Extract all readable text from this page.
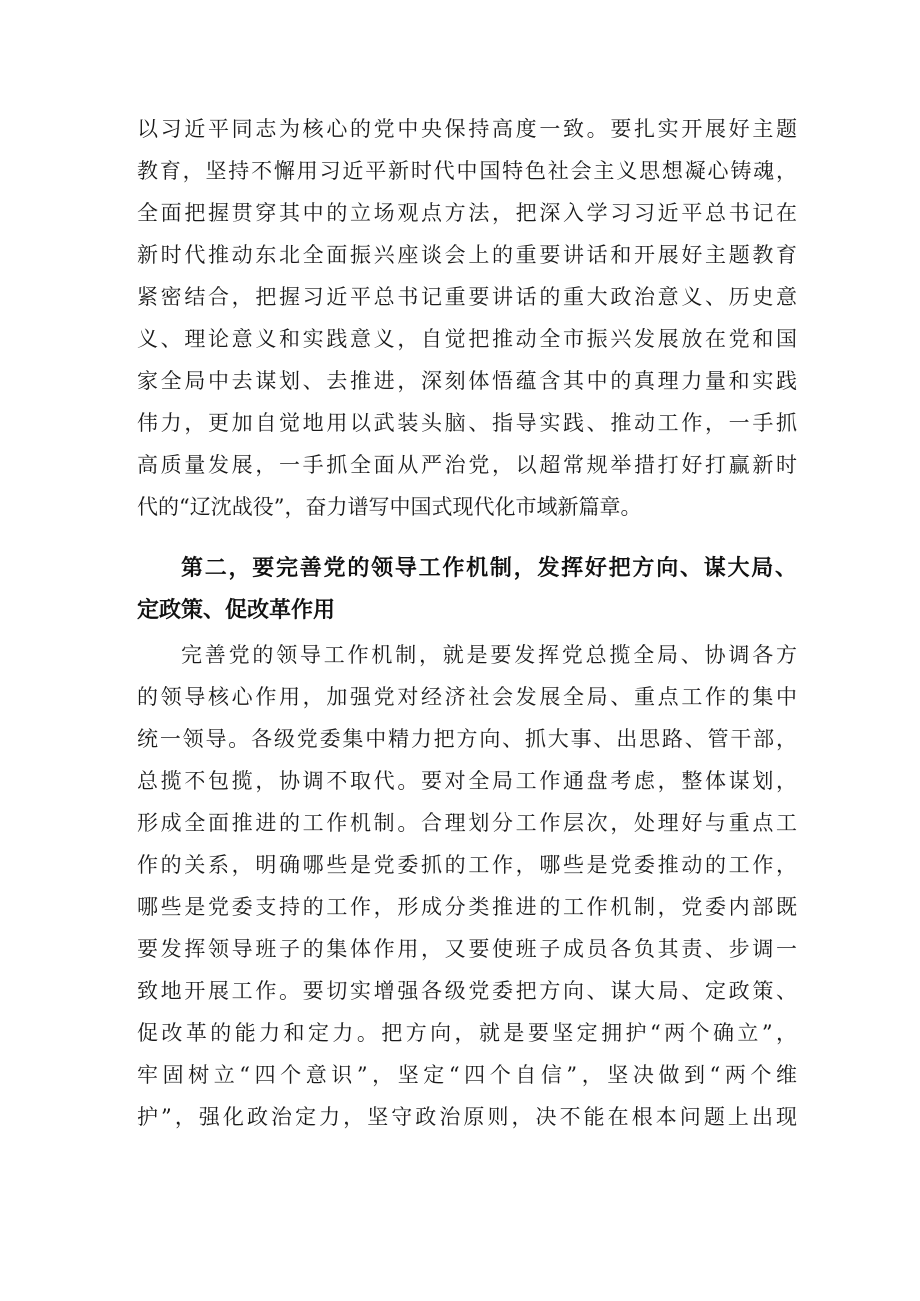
以习近平同志为核心的党中央保持高度一致。要扎实开展好主题
教育，坚持不懈用习近平新时代中国特色社会主义思想凝心铸魂，
全面把握贯穿其中的立场观点方法，把深入学习习近平总书记在
新时代推动东北全面振兴座谈会上的重要讲话和开展好主题教育
紧密结合，把握习近平总书记重要讲话的重大政治意义、历史意
义、理论意义和实践意义，自觉把推动全市振兴发展放在党和国
家全局中去谋划、去推进，深刻体悟蕴含其中的真理力量和实践
伟力，更加自觉地用以武装头脑、指导实践、推动工作，一手抓
高质量发展，一手抓全面从严治党，以超常规举措打好打赢新时
代的“辽沈战役”，奋力谱写中国式现代化市域新篇章。
第二，要完善党的领导工作机制，发挥好把方向、谋大局、
定政策、促改革作用
完善党的领导工作机制，就是要发挥党总揽全局、协调各方
的领导核心作用，加强党对经济社会发展全局、重点工作的集中
统一领导。各级党委集中精力把方向、抓大事、出思路、管干部，
总揽不包揽，协调不取代。要对全局工作通盘考虑，整体谋划，
形成全面推进的工作机制。合理划分工作层次，处理好与重点工
作的关系，明确哪些是党委抓的工作，哪些是党委推动的工作，
哪些是党委支持的工作，形成分类推进的工作机制，党委内部既
要发挥领导班子的集体作用，又要使班子成员各负其责、步调一
致地开展工作。要切实增强各级党委把方向、谋大局、定政策、
促改革的能力和定力。把方向，就是要坚定拥护“两个确立”，
牢固树立“四个意识”，坚定“四个自信”，坚决做到“两个维
护”，强化政治定力，坚守政治原则，决不能在根本问题上出现
